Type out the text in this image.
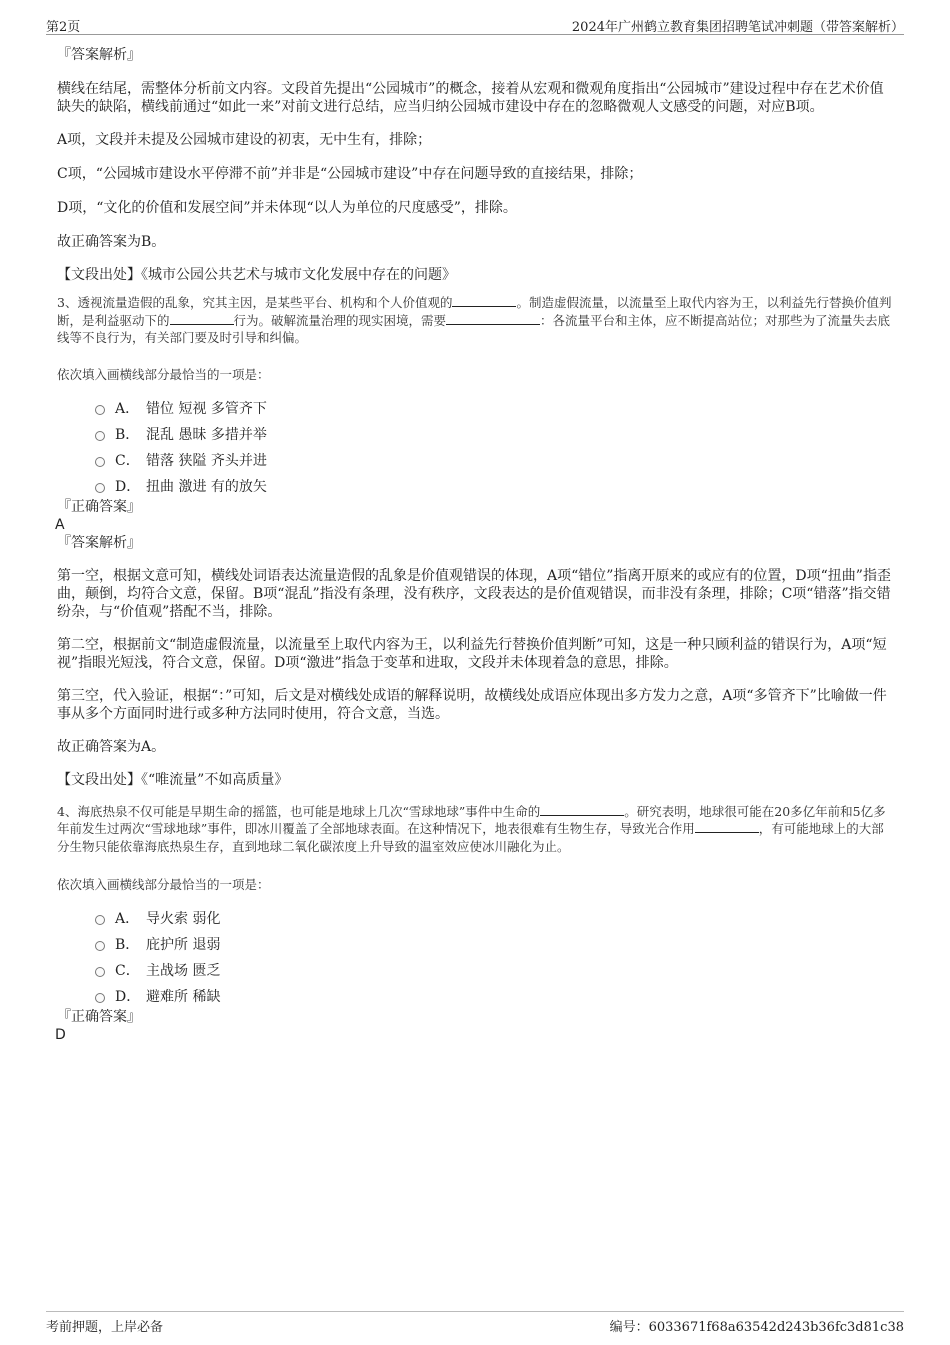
第2页	2024年广州鹤立教育集团招聘笔试冲刺题（带答案解析）

『答案解析』

横线在结尾，需整体分析前文内容。文段首先提出“公园城市”的概念，接着从宏观和微观角度指出“公园城市”建设过程中存在艺术价值缺失的缺陷，横线前通过“如此一来”对前文进行总结，应当归纳公园城市建设中存在的忽略微观人文感受的问题，对应B项。

A项，文段并未提及公园城市建设的初衷，无中生有，排除；

C项，“公园城市建设水平停滞不前”并非是“公园城市建设”中存在问题导致的直接结果，排除；

D项，“文化的价值和发展空间”并未体现“以人为单位的尺度感受”，排除。

故正确答案为B。

【文段出处】《城市公园公共艺术与城市文化发展中存在的问题》

3、透视流量造假的乱象，究其主因，是某些平台、机构和个人价值观的	。制造虚假流量，以流量至上取代内容为王，以利益先行替换价值判断，是利益驱动下的	行为。破解流量治理的现实困境，需要	：各流量平台和主体，应不断提高站位；对那些为了流量失去底线等不良行为，有关部门要及时引导和纠偏。

依次填入画横线部分最恰当的一项是：

A． 错位 短视 多管齐下
B． 混乱 愚昧 多措并举
C． 错落 狭隘 齐头并进
D． 扭曲 激进 有的放矢

『正确答案』

A

『答案解析』

第一空，根据文意可知，横线处词语表达流量造假的乱象是价值观错误的体现，A项“错位”指离开原来的或应有的位置，D项“扭曲”指歪曲，颠倒，均符合文意，保留。B项“混乱”指没有条理，没有秩序，文段表达的是价值观错误，而非没有条理，排除；C项“错落”指交错纷杂，与“价值观”搭配不当，排除。

第二空，根据前文“制造虚假流量，以流量至上取代内容为王，以利益先行替换价值判断”可知，这是一种只顾利益的错误行为，A项“短视”指眼光短浅，符合文意，保留。D项“激进”指急于变革和进取，文段并未体现着急的意思，排除。

第三空，代入验证，根据“：”可知，后文是对横线处成语的解释说明，故横线处成语应体现出多方发力之意，A项“多管齐下”比喻做一件事从多个方面同时进行或多种方法同时使用，符合文意，当选。

故正确答案为A。

【文段出处】《“唯流量”不如高质量》

4、海底热泉不仅可能是早期生命的摇篮，也可能是地球上几次“雪球地球”事件中生命的	。研究表明，地球很可能在20多亿年前和5亿多年前发生过两次“雪球地球”事件，即冰川覆盖了全部地球表面。在这种情况下，地表很难有生物生存，导致光合作用	，有可能地球上的大部分生物只能依靠海底热泉生存，直到地球二氧化碳浓度上升导致的温室效应使冰川融化为止。

依次填入画横线部分最恰当的一项是：

A． 导火索 弱化
B． 庇护所 退弱
C． 主战场 匮乏
D． 避难所 稀缺

『正确答案』

D

考前押题，上岸必备	编号：6033671f68a63542d243b36fc3d81c38
